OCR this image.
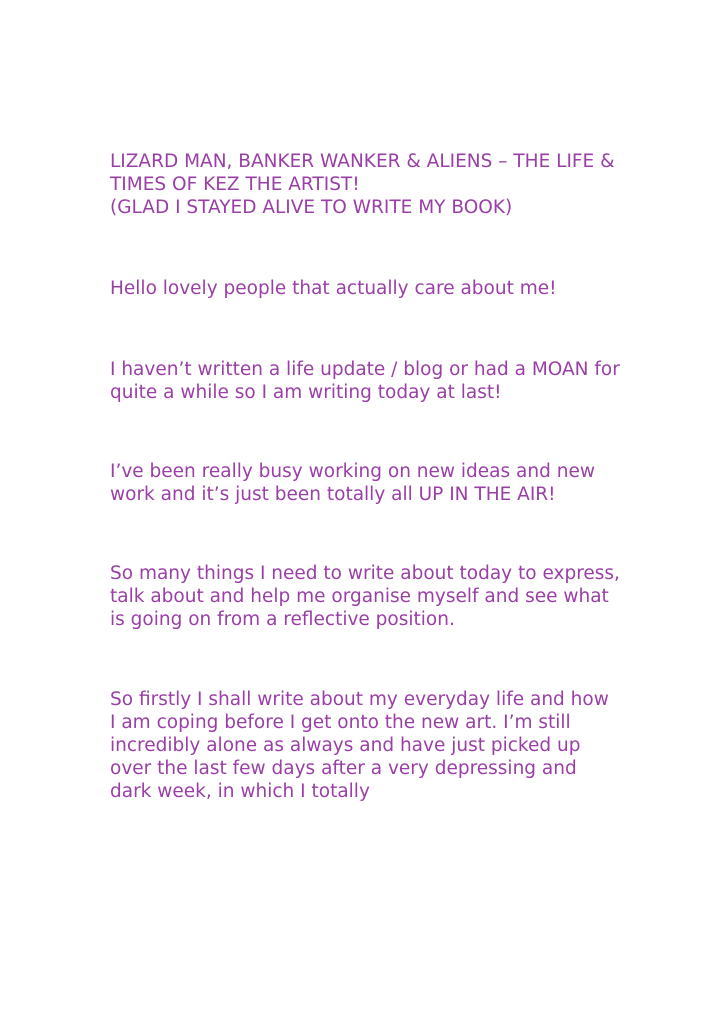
LIZARD MAN, BANKER WANKER & ALIENS – THE LIFE & TIMES OF KEZ THE ARTIST!

(GLAD I STAYED ALIVE TO WRITE MY BOOK)

Hello lovely people that actually care about me!

I haven’t written a life update / blog or had a MOAN for quite a while so I am writing today at last!

I’ve been really busy working on new ideas and new work and it’s just been totally all UP IN THE AIR!

So many things I need to write about today to express, talk about and help me organise myself and see what is going on from a reflective position.

So firstly I shall write about my everyday life and how I am coping before I get onto the new art. I’m still incredibly alone as always and have just picked up over the last few days after a very depressing and dark week, in which I totally
